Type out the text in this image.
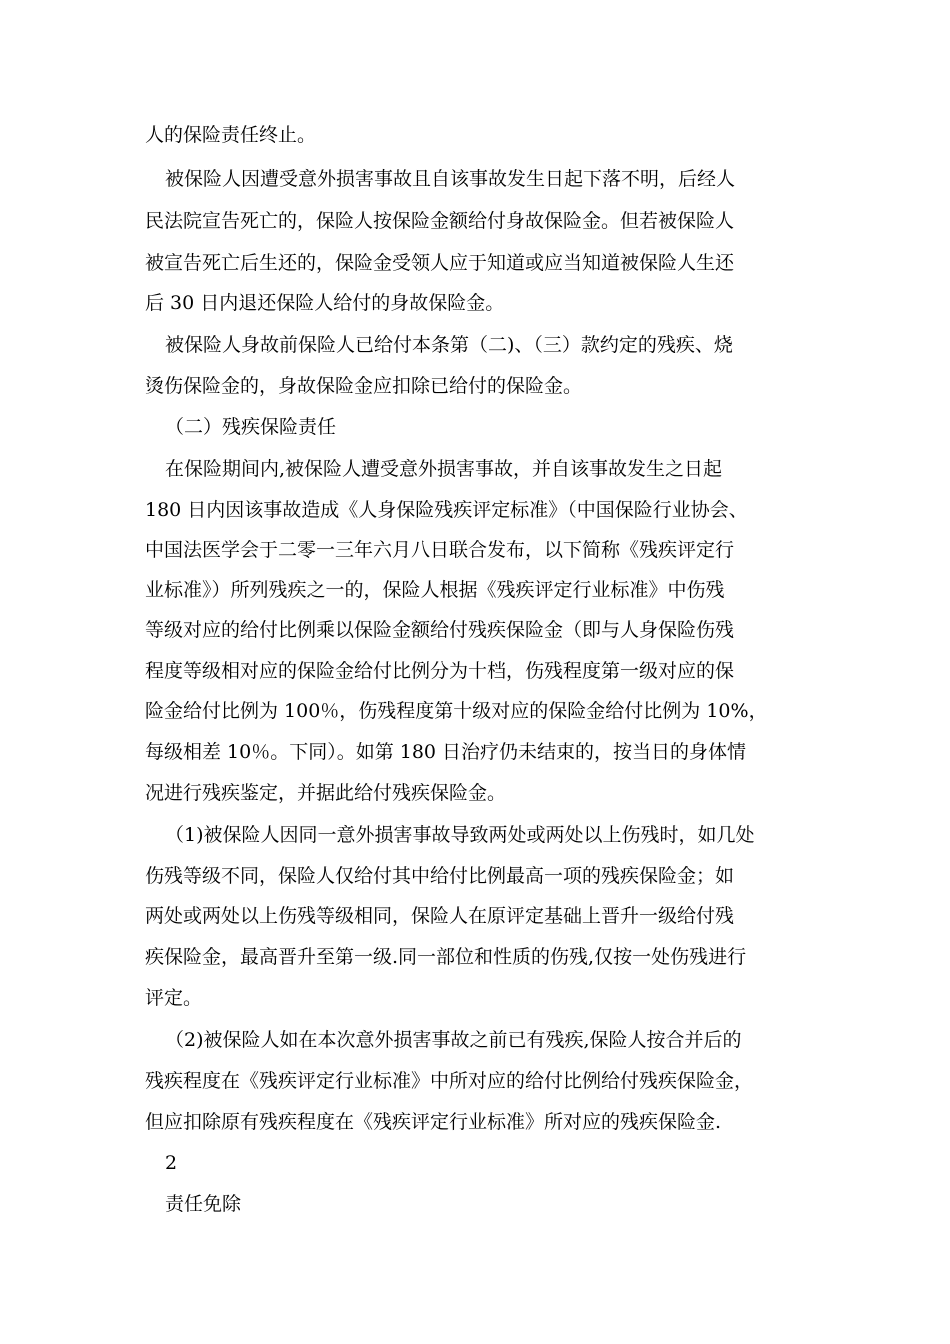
人的保险责任终止。
被保险人因遭受意外损害事故且自该事故发生日起下落不明，后经人
民法院宣告死亡的，保险人按保险金额给付身故保险金。但若被保险人
被宣告死亡后生还的，保险金受领人应于知道或应当知道被保险人生还
后 30 日内退还保险人给付的身故保险金。
被保险人身故前保险人已给付本条第（二)、（三）款约定的残疾、烧
烫伤保险金的，身故保险金应扣除已给付的保险金。
（二）残疾保险责任
在保险期间内,被保险人遭受意外损害事故，并自该事故发生之日起
180 日内因该事故造成《人身保险残疾评定标准》（中国保险行业协会、
中国法医学会于二零一三年六月八日联合发布，以下简称《残疾评定行
业标准》）所列残疾之一的，保险人根据《残疾评定行业标准》中伤残
等级对应的给付比例乘以保险金额给付残疾保险金（即与人身保险伤残
程度等级相对应的保险金给付比例分为十档，伤残程度第一级对应的保
险金给付比例为 100％，伤残程度第十级对应的保险金给付比例为 10%，
每级相差 10％。下同）。如第 180 日治疗仍未结束的，按当日的身体情
况进行残疾鉴定，并据此给付残疾保险金。
（1)被保险人因同一意外损害事故导致两处或两处以上伤残时，如几处
伤残等级不同，保险人仅给付其中给付比例最高一项的残疾保险金；如
两处或两处以上伤残等级相同，保险人在原评定基础上晋升一级给付残
疾保险金，最高晋升至第一级.同一部位和性质的伤残,仅按一处伤残进行
评定。
（2)被保险人如在本次意外损害事故之前已有残疾,保险人按合并后的
残疾程度在《残疾评定行业标准》中所对应的给付比例给付残疾保险金，
但应扣除原有残疾程度在《残疾评定行业标准》所对应的残疾保险金.
2
责任免除
